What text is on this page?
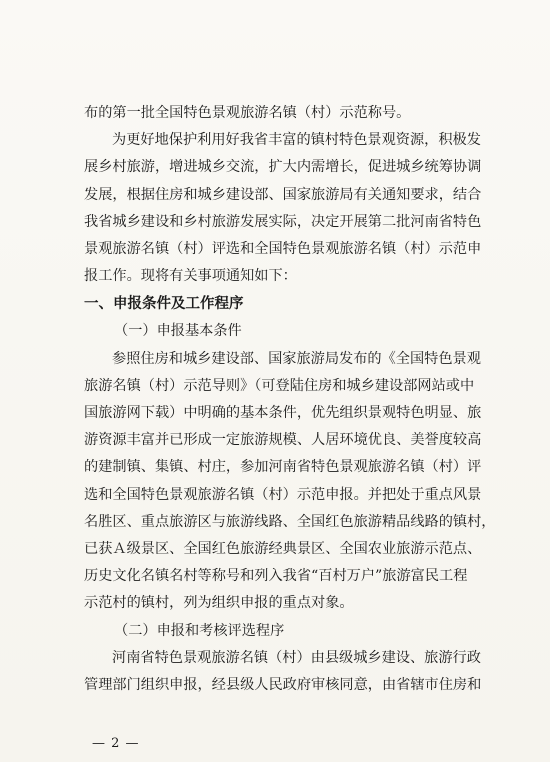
布的第一批全国特色景观旅游名镇（村）示范称号。

为更好地保护利用好我省丰富的镇村特色景观资源，积极发
展乡村旅游，增进城乡交流，扩大内需增长，促进城乡统筹协调
发展，根据住房和城乡建设部、国家旅游局有关通知要求，结合
我省城乡建设和乡村旅游发展实际，决定开展第二批河南省特色
景观旅游名镇（村）评选和全国特色景观旅游名镇（村）示范申
报工作。现将有关事项通知如下：

一、申报条件及工作程序

（一）申报基本条件

参照住房和城乡建设部、国家旅游局发布的《全国特色景观
旅游名镇（村）示范导则》（可登陆住房和城乡建设部网站或中
国旅游网下载）中明确的基本条件，优先组织景观特色明显、旅
游资源丰富并已形成一定旅游规模、人居环境优良、美誉度较高
的建制镇、集镇、村庄，参加河南省特色景观旅游名镇（村）评
选和全国特色景观旅游名镇（村）示范申报。并把处于重点风景
名胜区、重点旅游区与旅游线路、全国红色旅游精品线路的镇村，
已获Ａ级景区、全国红色旅游经典景区、全国农业旅游示范点、
历史文化名镇名村等称号和列入我省“百村万户”旅游富民工程
示范村的镇村，列为组织申报的重点对象。

（二）申报和考核评选程序

河南省特色景观旅游名镇（村）由县级城乡建设、旅游行政
管理部门组织申报，经县级人民政府审核同意，由省辖市住房和

— 2 —
